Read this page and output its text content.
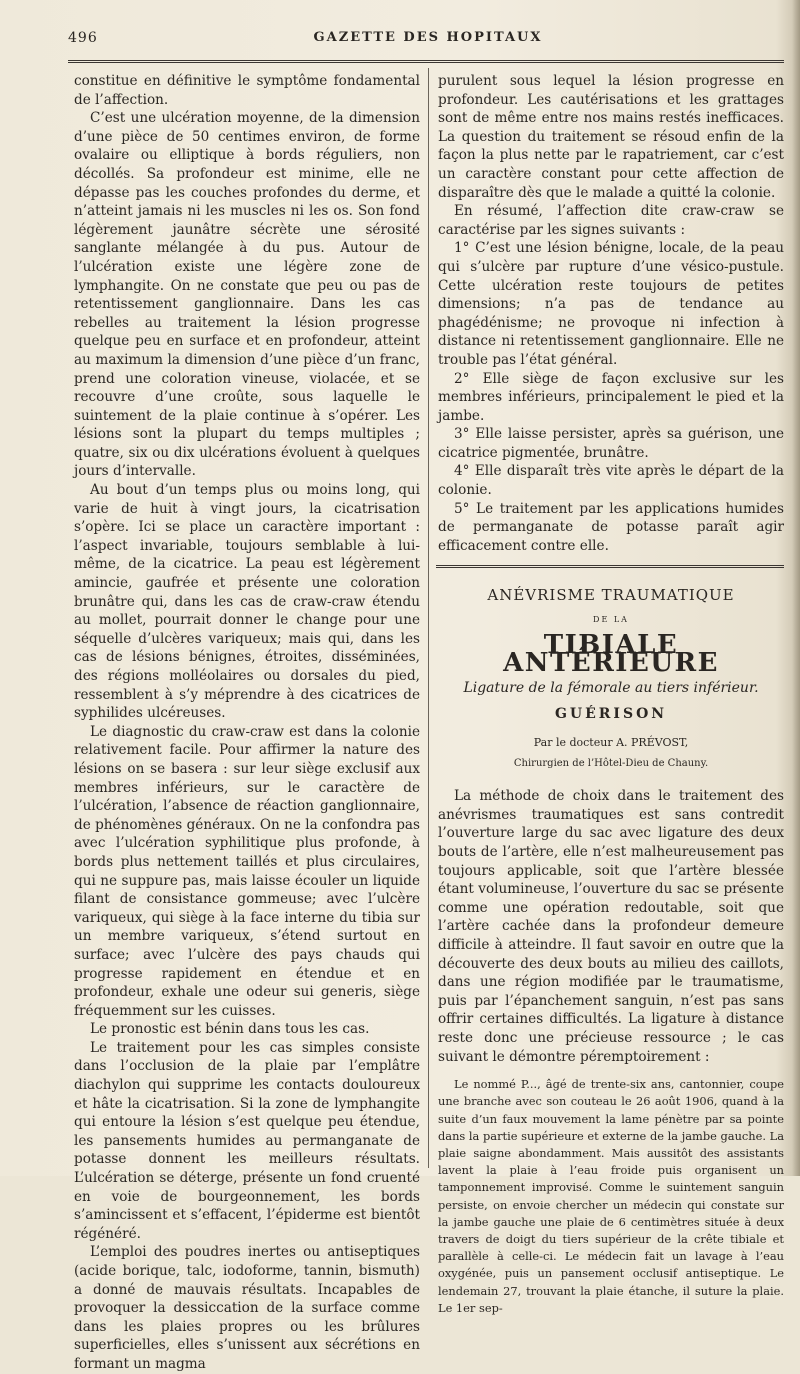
496	GAZETTE DES HOPITAUX

constitue en définitive le symptôme fondamental de l’affection.

C’est une ulcération moyenne, de la dimension d’une pièce de 50 centimes environ, de forme ovalaire ou elliptique à bords réguliers, non décollés. Sa profondeur est minime, elle ne dépasse pas les couches profondes du derme, et n’atteint jamais ni les muscles ni les os. Son fond légèrement jaunâtre sécrète une sérosité sanglante mélangée à du pus. Autour de l’ulcération existe une légère zone de lymphangite. On ne constate que peu ou pas de retentissement ganglionnaire. Dans les cas rebelles au traitement la lésion progresse quelque peu en surface et en profondeur, atteint au maximum la dimension d’une pièce d’un franc, prend une coloration vineuse, violacée, et se recouvre d’une croûte, sous laquelle le suintement de la plaie continue à s’opérer. Les lésions sont la plupart du temps multiples ; quatre, six ou dix ulcérations évoluent à quelques jours d’intervalle.

Au bout d’un temps plus ou moins long, qui varie de huit à vingt jours, la cicatrisation s’opère. Ici se place un caractère important : l’aspect invariable, toujours semblable à lui-même, de la cicatrice. La peau est légèrement amincie, gaufrée et présente une coloration brunâtre qui, dans les cas de craw-craw étendu au mollet, pourrait donner le change pour une séquelle d’ulcères variqueux; mais qui, dans les cas de lésions bénignes, étroites, disséminées, des régions molléolaires ou dorsales du pied, ressemblent à s’y méprendre à des cicatrices de syphilides ulcéreuses.

Le diagnostic du craw-craw est dans la colonie relativement facile. Pour affirmer la nature des lésions on se basera : sur leur siège exclusif aux membres inférieurs, sur le caractère de l’ulcération, l’absence de réaction ganglionnaire, de phénomènes généraux. On ne la confondra pas avec l’ulcération syphilitique plus profonde, à bords plus nettement taillés et plus circulaires, qui ne suppure pas, mais laisse écouler un liquide filant de consistance gommeuse; avec l’ulcère variqueux, qui siège à la face interne du tibia sur un membre variqueux, s’étend surtout en surface; avec l’ulcère des pays chauds qui progresse rapidement en étendue et en profondeur, exhale une odeur sui generis, siège fréquemment sur les cuisses.

Le pronostic est bénin dans tous les cas.

Le traitement pour les cas simples consiste dans l’occlusion de la plaie par l’emplâtre diachylon qui supprime les contacts douloureux et hâte la cicatrisation. Si la zone de lymphangite qui entoure la lésion s’est quelque peu étendue, les pansements humides au permanganate de potasse donnent les meilleurs résultats. L’ulcération se déterge, présente un fond cruenté en voie de bourgeonnement, les bords s’amincissent et s’effacent, l’épiderme est bientôt régénéré.

L’emploi des poudres inertes ou antiseptiques (acide borique, talc, iodoforme, tannin, bismuth) a donné de mauvais résultats. Incapables de provoquer la dessiccation de la surface comme dans les plaies propres ou les brûlures superficielles, elles s’unissent aux sécrétions en formant un magma

purulent sous lequel la lésion progresse en profondeur. Les cautérisations et les grattages sont de même entre nos mains restés inefficaces. La question du traitement se résoud enfin de la façon la plus nette par le rapatriement, car c’est un caractère constant pour cette affection de disparaître dès que le malade a quitté la colonie.

En résumé, l’affection dite craw-craw se caractérise par les signes suivants :

1° C’est une lésion bénigne, locale, de la peau qui s’ulcère par rupture d’une vésico-pustule. Cette ulcération reste toujours de petites dimensions; n’a pas de tendance au phagédénisme; ne provoque ni infection à distance ni retentissement ganglionnaire. Elle ne trouble pas l’état général.

2° Elle siège de façon exclusive sur les membres inférieurs, principalement le pied et la jambe.

3° Elle laisse persister, après sa guérison, une cicatrice pigmentée, brunâtre.

4° Elle disparaît très vite après le départ de la colonie.

5° Le traitement par les applications humides de permanganate de potasse paraît agir efficacement contre elle.

ANÉVRISME TRAUMATIQUE
DE LA
TIBIALE ANTÉRIEURE
Ligature de la fémorale au tiers inférieur.
GUÉRISON
Par le docteur A. PRÉVOST,
Chirurgien de l’Hôtel-Dieu de Chauny.

La méthode de choix dans le traitement des anévrismes traumatiques est sans contredit l’ouverture large du sac avec ligature des deux bouts de l’artère, elle n’est malheureusement pas toujours applicable, soit que l’artère blessée étant volumineuse, l’ouverture du sac se présente comme une opération redoutable, soit que l’artère cachée dans la profondeur demeure difficile à atteindre. Il faut savoir en outre que la découverte des deux bouts au milieu des caillots, dans une région modifiée par le traumatisme, puis par l’épanchement sanguin, n’est pas sans offrir certaines difficultés. La ligature à distance reste donc une précieuse ressource ; le cas suivant le démontre péremptoirement :

Le nommé P..., âgé de trente-six ans, cantonnier, coupe une branche avec son couteau le 26 août 1906, quand à la suite d’un faux mouvement la lame pénètre par sa pointe dans la partie supérieure et externe de la jambe gauche. La plaie saigne abondamment. Mais aussitôt des assistants lavent la plaie à l’eau froide puis organisent un tamponnement improvisé. Comme le suintement sanguin persiste, on envoie chercher un médecin qui constate sur la jambe gauche une plaie de 6 centimètres située à deux travers de doigt du tiers supérieur de la crête tibiale et parallèle à celle-ci. Le médecin fait un lavage à l’eau oxygénée, puis un pansement occlusif antiseptique. Le lendemain 27, trouvant la plaie étanche, il suture la plaie. Le 1er sep-
